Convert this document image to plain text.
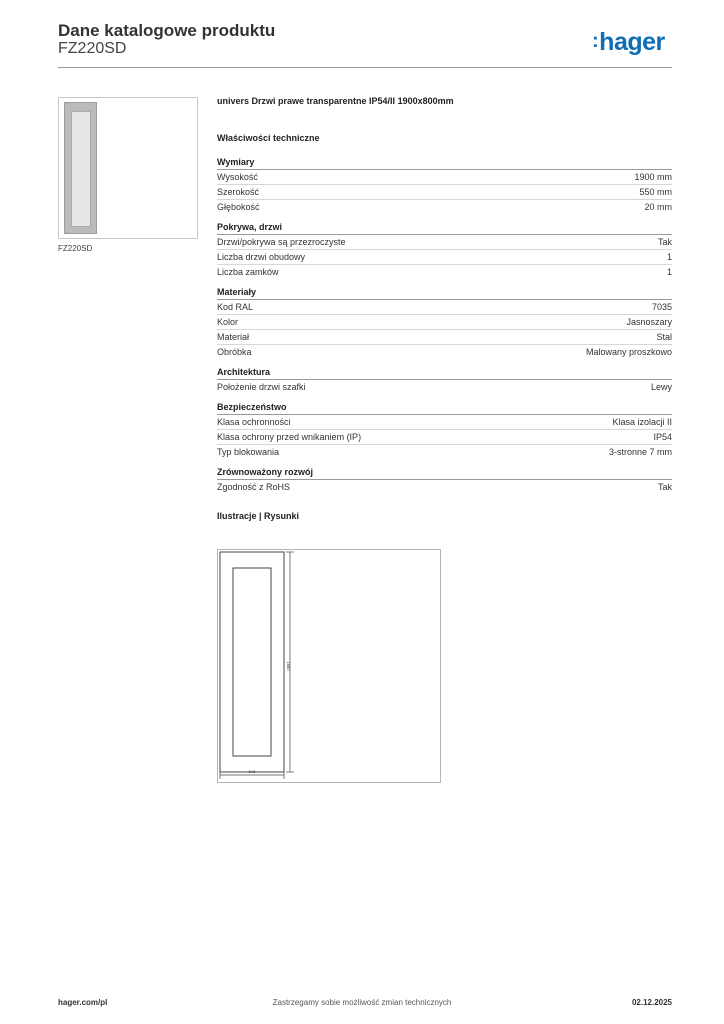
Dane katalogowe produktu
FZ220SD	:hager
FZ220SD
univers Drzwi prawe transparentne IP54/II 1900x800mm
Właściwości techniczne
Wymiary
Wysokość	1900 mm
Szerokość	550 mm
Głębokość	20 mm
Pokrywa, drzwi
Drzwi/pokrywa są przezroczyste	Tak
Liczba drzwi obudowy	1
Liczba zamków	1
Materiały
Kod RAL	7035
Kolor	Jasnoszary
Materiał	Stal
Obróbka	Malowany proszkowo
Architektura
Położenie drzwi szafki	Lewy
Bezpieczeństwo
Klasa ochronności	Klasa izolacji II
Klasa ochrony przed wnikaniem (IP)	IP54
Typ blokowania	3-stronne 7 mm
Zrównoważony rozwój
Zgodność z RoHS	Tak
Ilustracje | Rysunki
1880
548
hager.com/pl	Zastrzegamy sobie możliwość zmian technicznych	02.12.2025
